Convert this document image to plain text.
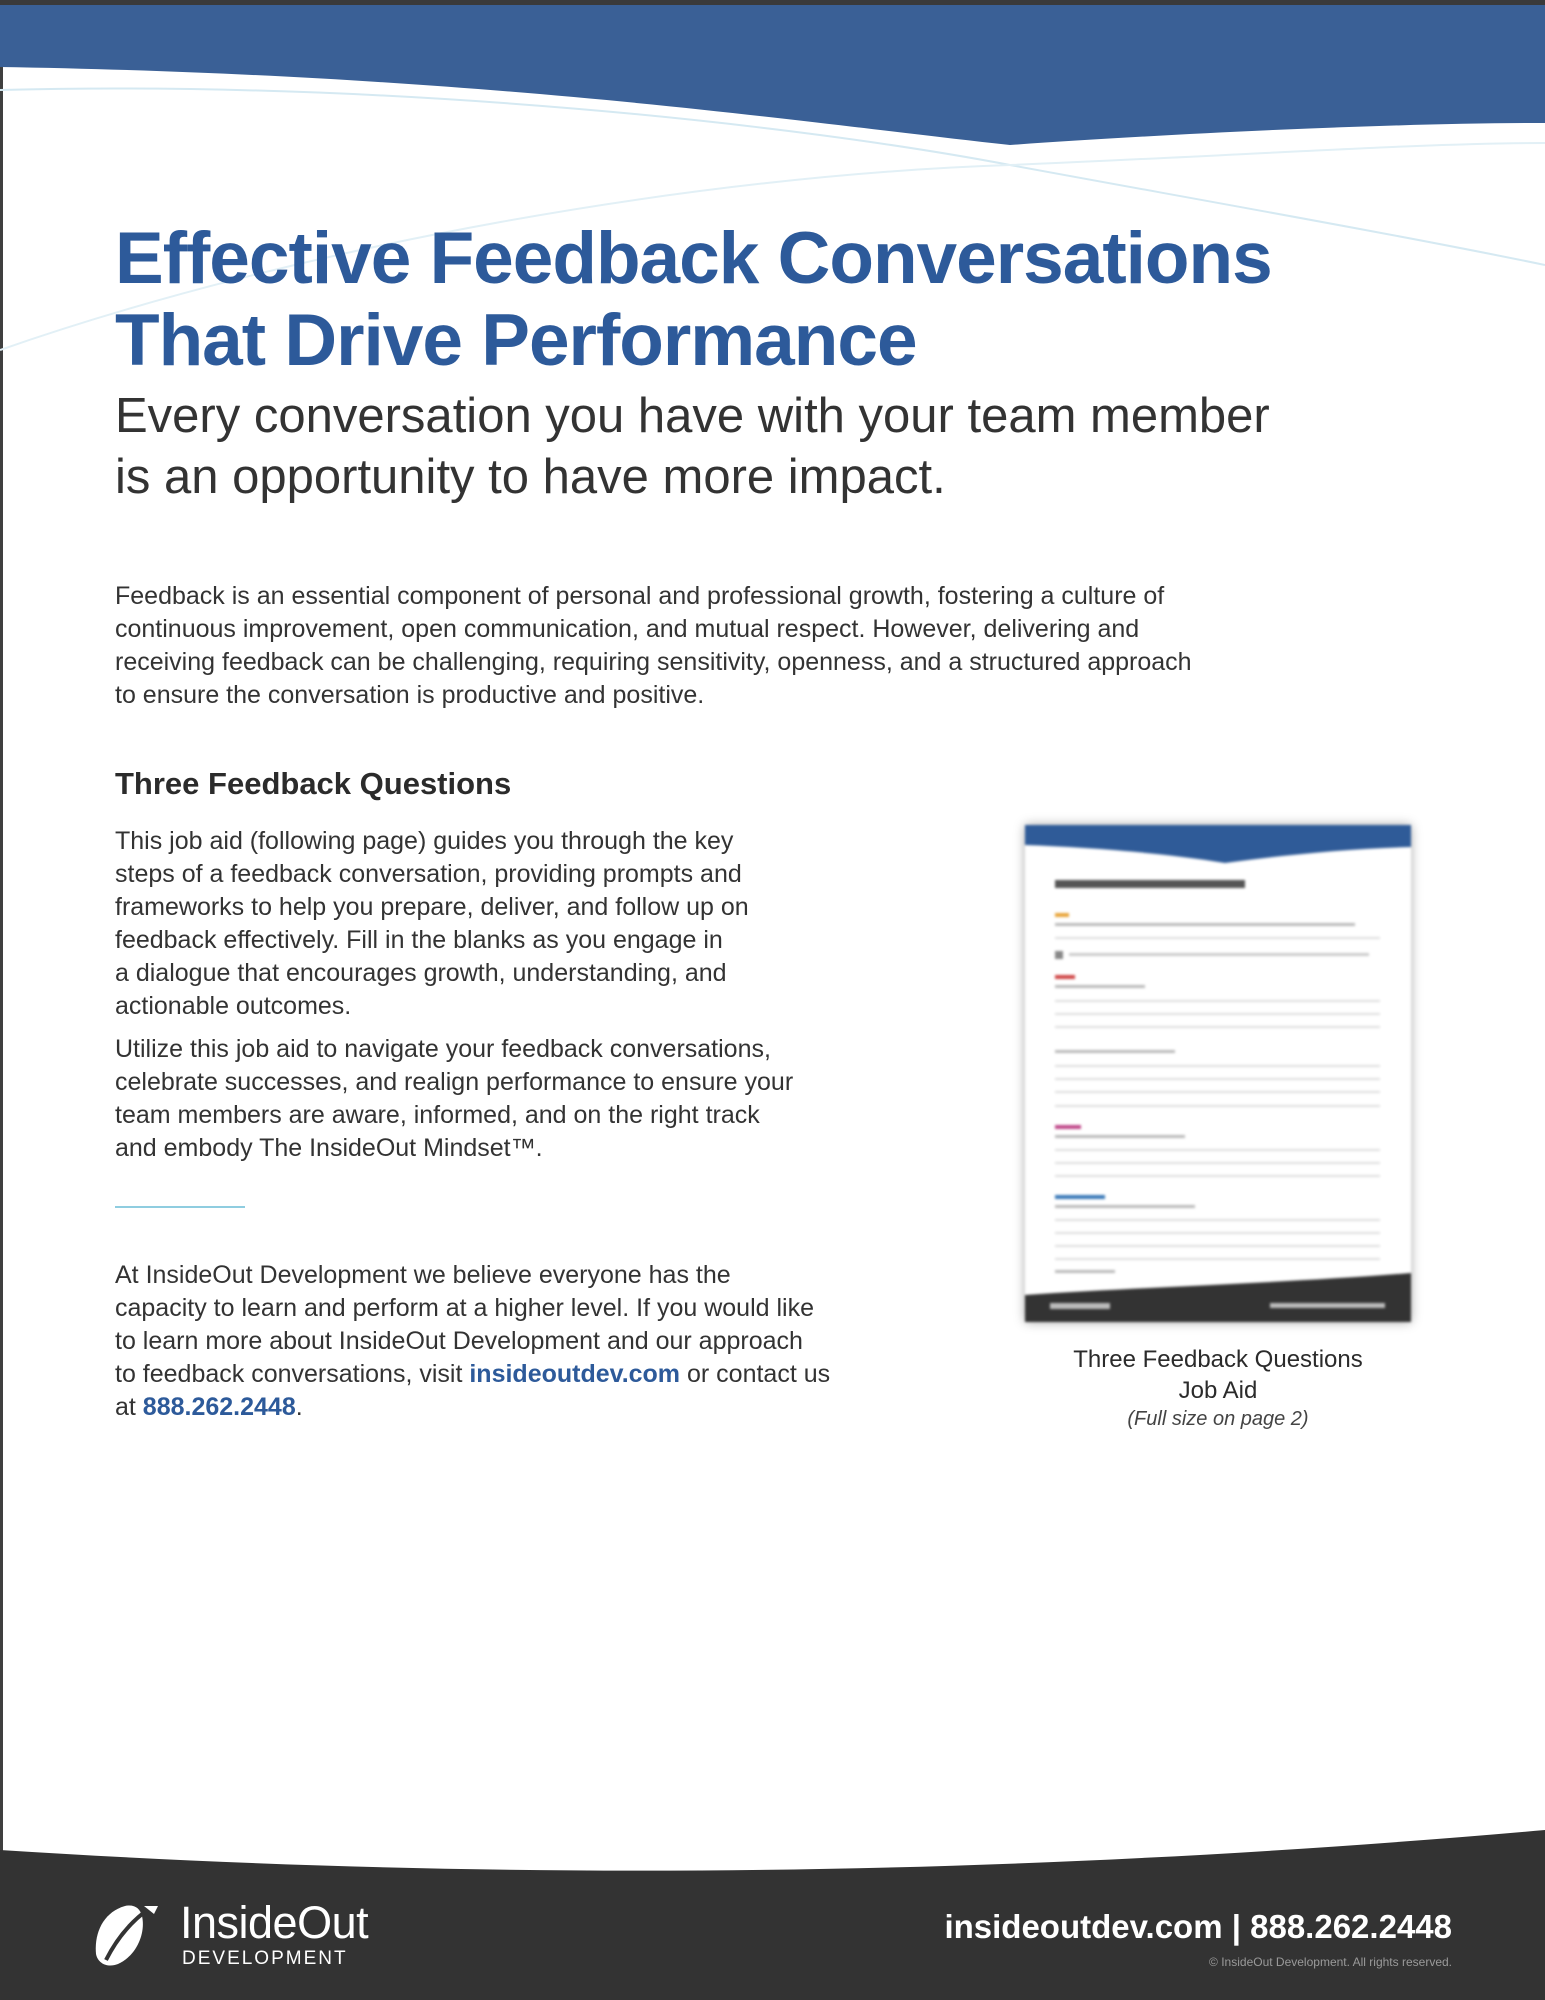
Effective Feedback Conversations
That Drive Performance
Every conversation you have with your team member
is an opportunity to have more impact.
Feedback is an essential component of personal and professional growth, fostering a culture of
continuous improvement, open communication, and mutual respect. However, delivering and
receiving feedback can be challenging, requiring sensitivity, openness, and a structured approach
to ensure the conversation is productive and positive.
Three Feedback Questions
This job aid (following page) guides you through the key
steps of a feedback conversation, providing prompts and
frameworks to help you prepare, deliver, and follow up on
feedback effectively. Fill in the blanks as you engage in
a dialogue that encourages growth, understanding, and
actionable outcomes.
Utilize this job aid to navigate your feedback conversations,
celebrate successes, and realign performance to ensure your
team members are aware, informed, and on the right track
and embody The InsideOut Mindset™.
At InsideOut Development we believe everyone has the
capacity to learn and perform at a higher level. If you would like
to learn more about InsideOut Development and our approach
to feedback conversations, visit insideoutdev.com or contact us
at 888.262.2448.
Three Feedback Questions
Job Aid
(Full size on page 2)
InsideOut
DEVELOPMENT
insideoutdev.com | 888.262.2448
© InsideOut Development. All rights reserved.
